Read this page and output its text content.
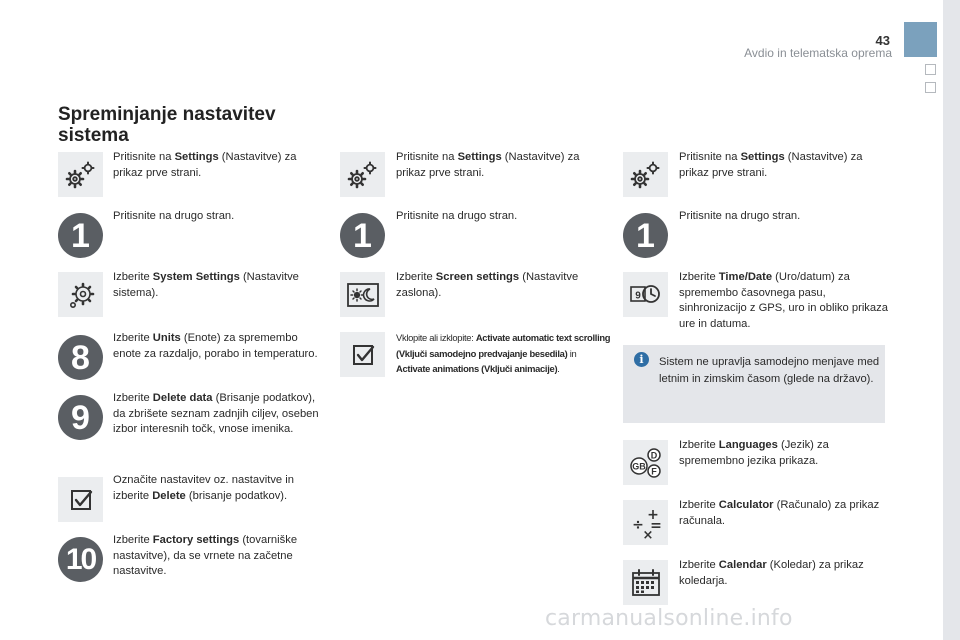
43
Avdio in telematska oprema
Spreminjanje nastavitev
sistema
Pritisnite na Settings (Nastavitve) za prikaz prve strani.
1
Pritisnite na drugo stran.
Izberite System Settings (Nastavitve sistema).
8
Izberite Units (Enote) za spremembo enote za razdaljo, porabo in temperaturo.
9
Izberite Delete data (Brisanje podatkov), da zbrišete seznam zadnjih ciljev, oseben izbor interesnih točk, vnose imenika.
Označite nastavitev oz. nastavitve in izberite Delete (brisanje podatkov).
10
Izberite Factory settings (tovarniške nastavitve), da se vrnete na začetne nastavitve.
Pritisnite na Settings (Nastavitve) za prikaz prve strani.
1
Pritisnite na drugo stran.
Izberite Screen settings (Nastavitve zaslona).
Vklopite ali izklopite: Activate automatic text scrolling (Vključi samodejno predvajanje besedila) in Activate animations (Vključi animacije).
Pritisnite na Settings (Nastavitve) za prikaz prve strani.
1
Pritisnite na drugo stran.
9
Izberite Time/Date (Uro/datum) za spremembo časovnega pasu, sinhronizacijo z GPS, uro in obliko prikaza ure in datuma.
i	Sistem ne upravlja samodejno menjave med letnim in zimskim časom (glede na državo).
D
GB F
Izberite Languages (Jezik) za spremembno jezika prikaza.
+
÷ =
×
Izberite Calculator (Računalo) za prikaz računala.
Izberite Calendar (Koledar) za prikaz koledarja.
carmanualsonline.info
